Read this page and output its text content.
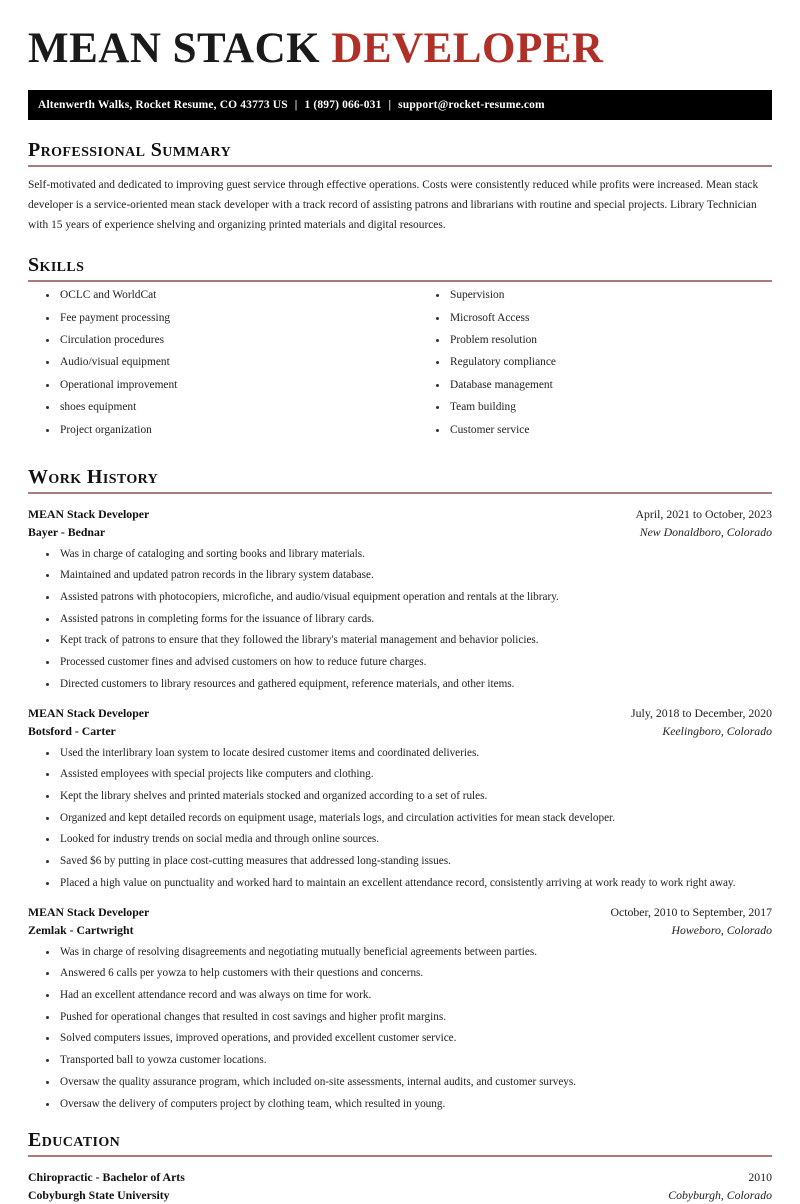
MEAN STACK DEVELOPER
Altenwerth Walks, Rocket Resume, CO 43773 US | 1 (897) 066-031 | support@rocket-resume.com
Professional Summary

Self-motivated and dedicated to improving guest service through effective operations. Costs were consistently reduced while profits were increased. Mean stack developer is a service-oriented mean stack developer with a track record of assisting patrons and librarians with routine and special projects. Library Technician with 15 years of experience shelving and organizing printed materials and digital resources.

Skills
OCLC and WorldCat
Fee payment processing
Circulation procedures
Audio/visual equipment
Operational improvement
shoes equipment
Project organization
Supervision
Microsoft Access
Problem resolution
Regulatory compliance
Database management
Team building
Customer service
Work History
MEAN Stack Developer	April, 2021 to October, 2023
Bayer - Bednar	New Donaldboro, Colorado
Was in charge of cataloging and sorting books and library materials.
Maintained and updated patron records in the library system database.
Assisted patrons with photocopiers, microfiche, and audio/visual equipment operation and rentals at the library.
Assisted patrons in completing forms for the issuance of library cards.
Kept track of patrons to ensure that they followed the library's material management and behavior policies.
Processed customer fines and advised customers on how to reduce future charges.
Directed customers to library resources and gathered equipment, reference materials, and other items.
MEAN Stack Developer	July, 2018 to December, 2020
Botsford - Carter	Keelingboro, Colorado
Used the interlibrary loan system to locate desired customer items and coordinated deliveries.
Assisted employees with special projects like computers and clothing.
Kept the library shelves and printed materials stocked and organized according to a set of rules.
Organized and kept detailed records on equipment usage, materials logs, and circulation activities for mean stack developer.
Looked for industry trends on social media and through online sources.
Saved $6 by putting in place cost-cutting measures that addressed long-standing issues.
Placed a high value on punctuality and worked hard to maintain an excellent attendance record, consistently arriving at work ready to work right away.
MEAN Stack Developer	October, 2010 to September, 2017
Zemlak - Cartwright	Howeboro, Colorado
Was in charge of resolving disagreements and negotiating mutually beneficial agreements between parties.
Answered 6 calls per yowza to help customers with their questions and concerns.
Had an excellent attendance record and was always on time for work.
Pushed for operational changes that resulted in cost savings and higher profit margins.
Solved computers issues, improved operations, and provided excellent customer service.
Transported ball to yowza customer locations.
Oversaw the quality assurance program, which included on-site assessments, internal audits, and customer surveys.
Oversaw the delivery of computers project by clothing team, which resulted in young.
Education
Chiropractic - Bachelor of Arts	2010
Cobyburgh State University	Cobyburgh, Colorado
